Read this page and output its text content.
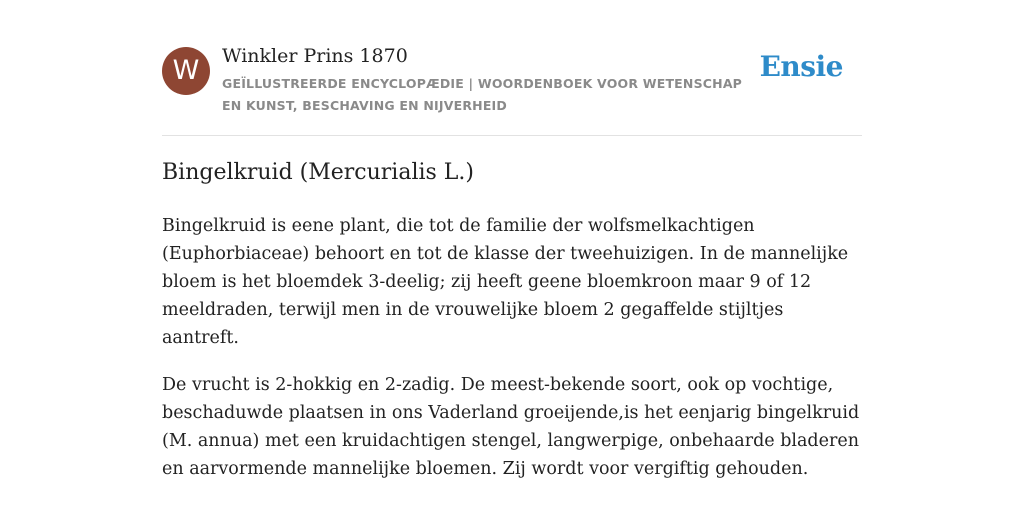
W	Winkler Prins 1870
GEÏLLUSTREERDE ENCYCLOPÆDIE | WOORDENBOEK VOOR WETENSCHAP EN KUNST, BESCHAVING EN NIJVERHEID
Ensie
Bingelkruid (Mercurialis L.)

Bingelkruid is eene plant, die tot de familie der wolfsmelkachtigen (Euphorbiaceae) behoort en tot de klasse der tweehuizigen. In de mannelijke bloem is het bloemdek 3-deelig; zij heeft geene bloemkroon maar 9 of 12 meeldraden, terwijl men in de vrouwelijke bloem 2 gegaffelde stijltjes aantreft.

De vrucht is 2-hokkig en 2-zadig. De meest-bekende soort, ook op vochtige, beschaduwde plaatsen in ons Vaderland groeijende,is het eenjarig bingelkruid (M. annua) met een kruidachtigen stengel, langwerpige, onbehaarde bladeren en aarvormende mannelijke bloemen. Zij wordt voor vergiftig gehouden.
